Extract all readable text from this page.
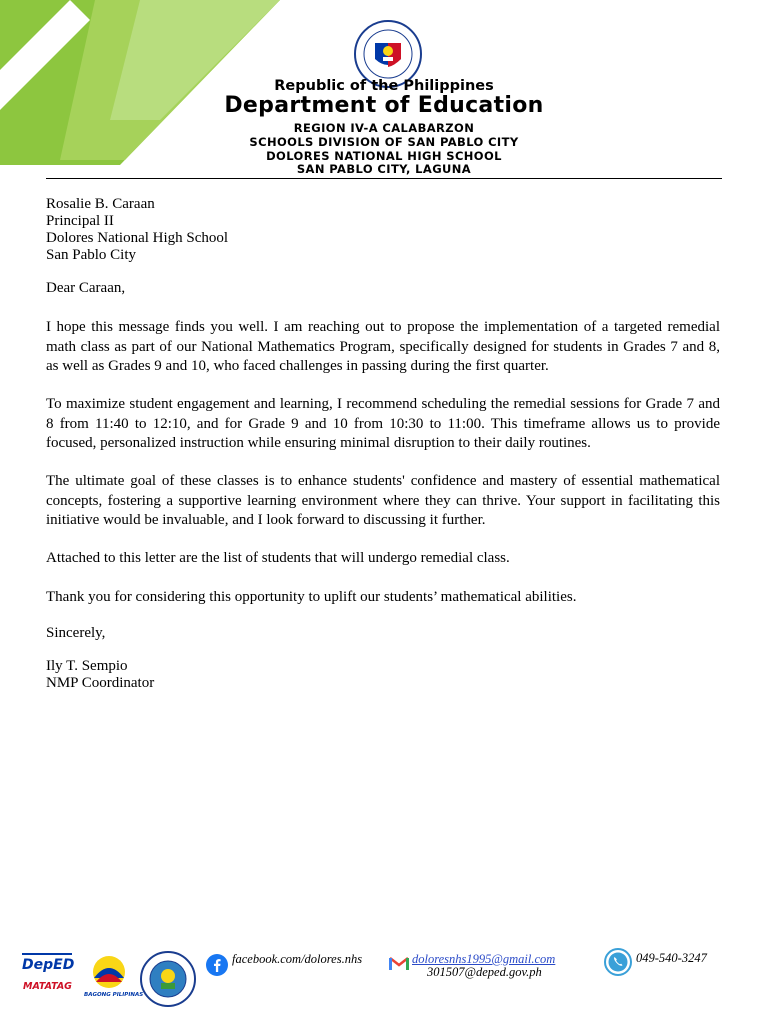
Republic of the Philippines
Department of Education
REGION IV-A CALABARZON
SCHOOLS DIVISION OF SAN PABLO CITY
DOLORES NATIONAL HIGH SCHOOL
SAN PABLO CITY, LAGUNA
Rosalie B. Caraan
Principal II
Dolores National High School
San Pablo City
Dear Caraan,
I hope this message finds you well. I am reaching out to propose the implementation of a targeted remedial math class as part of our National Mathematics Program, specifically designed for students in Grades 7 and 8, as well as Grades 9 and 10, who faced challenges in passing during the first quarter.
To maximize student engagement and learning, I recommend scheduling the remedial sessions for Grade 7 and 8 from 11:40 to 12:10, and for Grade 9 and 10 from 10:30 to 11:00. This timeframe allows us to provide focused, personalized instruction while ensuring minimal disruption to their daily routines.
The ultimate goal of these classes is to enhance students' confidence and mastery of essential mathematical concepts, fostering a supportive learning environment where they can thrive. Your support in facilitating this initiative would be invaluable, and I look forward to discussing it further.
Attached to this letter are the list of students that will undergo remedial class.
Thank you for considering this opportunity to uplift our students’ mathematical abilities.
Sincerely,
Ily T. Sempio
NMP Coordinator
DepED
MATATAG
BAGONG PILIPINAS
facebook.com/dolores.nhs	doloresnhs1995@gmail.com
301507@deped.gov.ph
049-540-3247
